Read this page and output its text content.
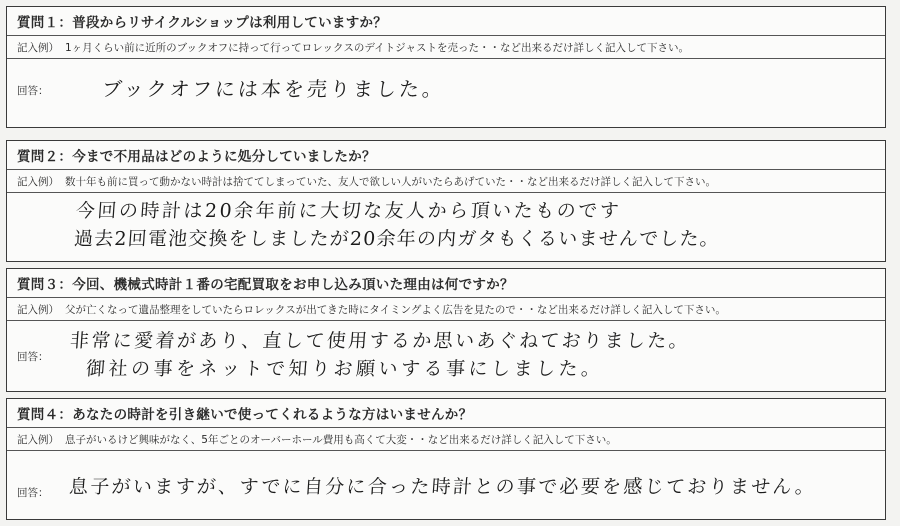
質問１：普段からリサイクルショップは利用していますか？
記入例） 1ヶ月くらい前に近所のブックオフに持って行ってロレックスのデイトジャストを売った・・など出来るだけ詳しく記入して下さい。
回答：	ブックオフには本を売りました。
質問２：今まで不用品はどのように処分していましたか？
記入例） 数十年も前に買って動かない時計は捨ててしまっていた、友人で欲しい人がいたらあげていた・・など出来るだけ詳しく記入して下さい。
今回の時計は20余年前に大切な友人から頂いたものです
過去2回電池交換をしましたが20余年の内ガタもくるいませんでした。
質問３：今回、機械式時計１番の宅配買取をお申し込み頂いた理由は何ですか？
記入例） 父が亡くなって遺品整理をしていたらロレックスが出てきた時にタイミングよく広告を見たので・・など出来るだけ詳しく記入して下さい。
回答：
非常に愛着があり、直して使用するか思いあぐねておりました。
御社の事をネットで知りお願いする事にしました。
質問４：あなたの時計を引き継いで使ってくれるような方はいませんか？
記入例） 息子がいるけど興味がなく、5年ごとのオーバーホール費用も高くて大変・・など出来るだけ詳しく記入して下さい。
回答： 息子がいますが、すでに自分に合った時計との事で必要を感じておりません。
